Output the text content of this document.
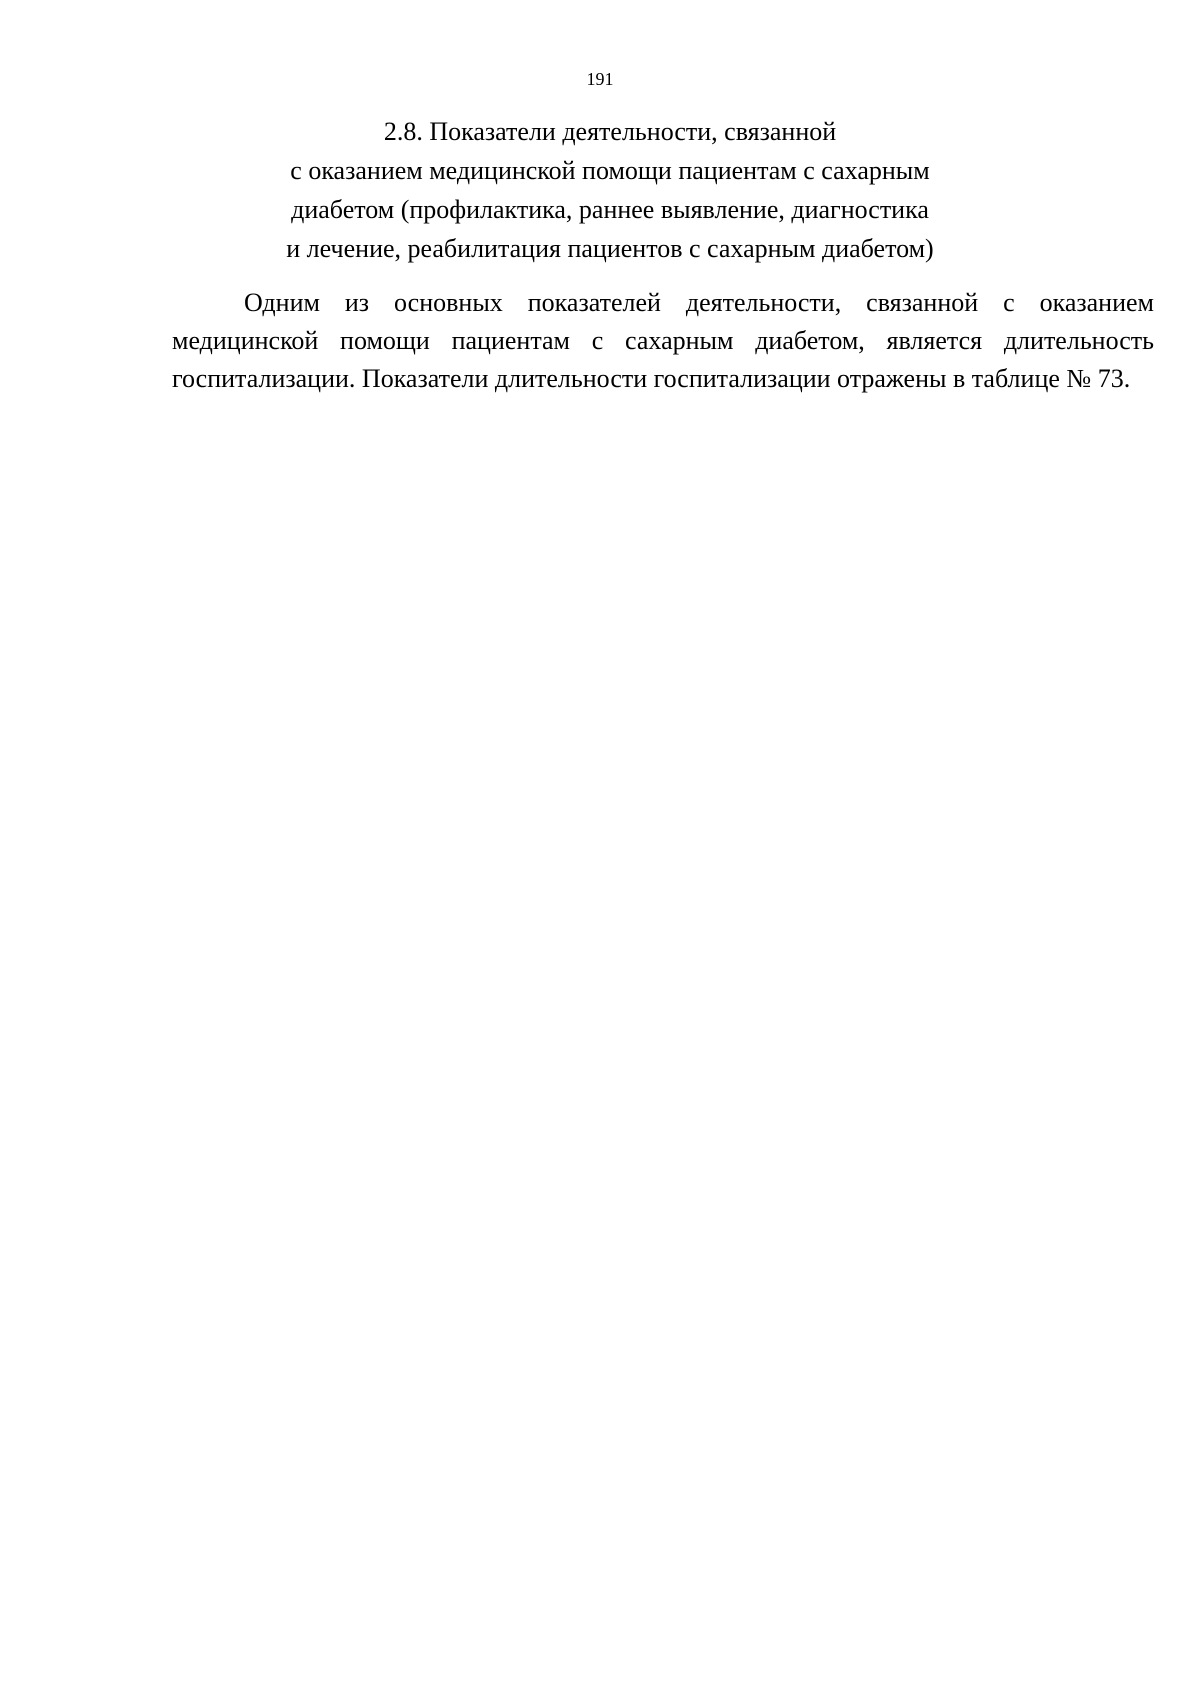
191
2.8. Показатели деятельности, связанной
с оказанием медицинской помощи пациентам с сахарным
диабетом (профилактика, раннее выявление, диагностика
и лечение, реабилитация пациентов с сахарным диабетом)

Одним из основных показателей деятельности, связанной с оказанием медицинской помощи пациентам с сахарным диабетом, является длительность госпитализации. Показатели длительности госпитализации отражены в таблице № 73.
